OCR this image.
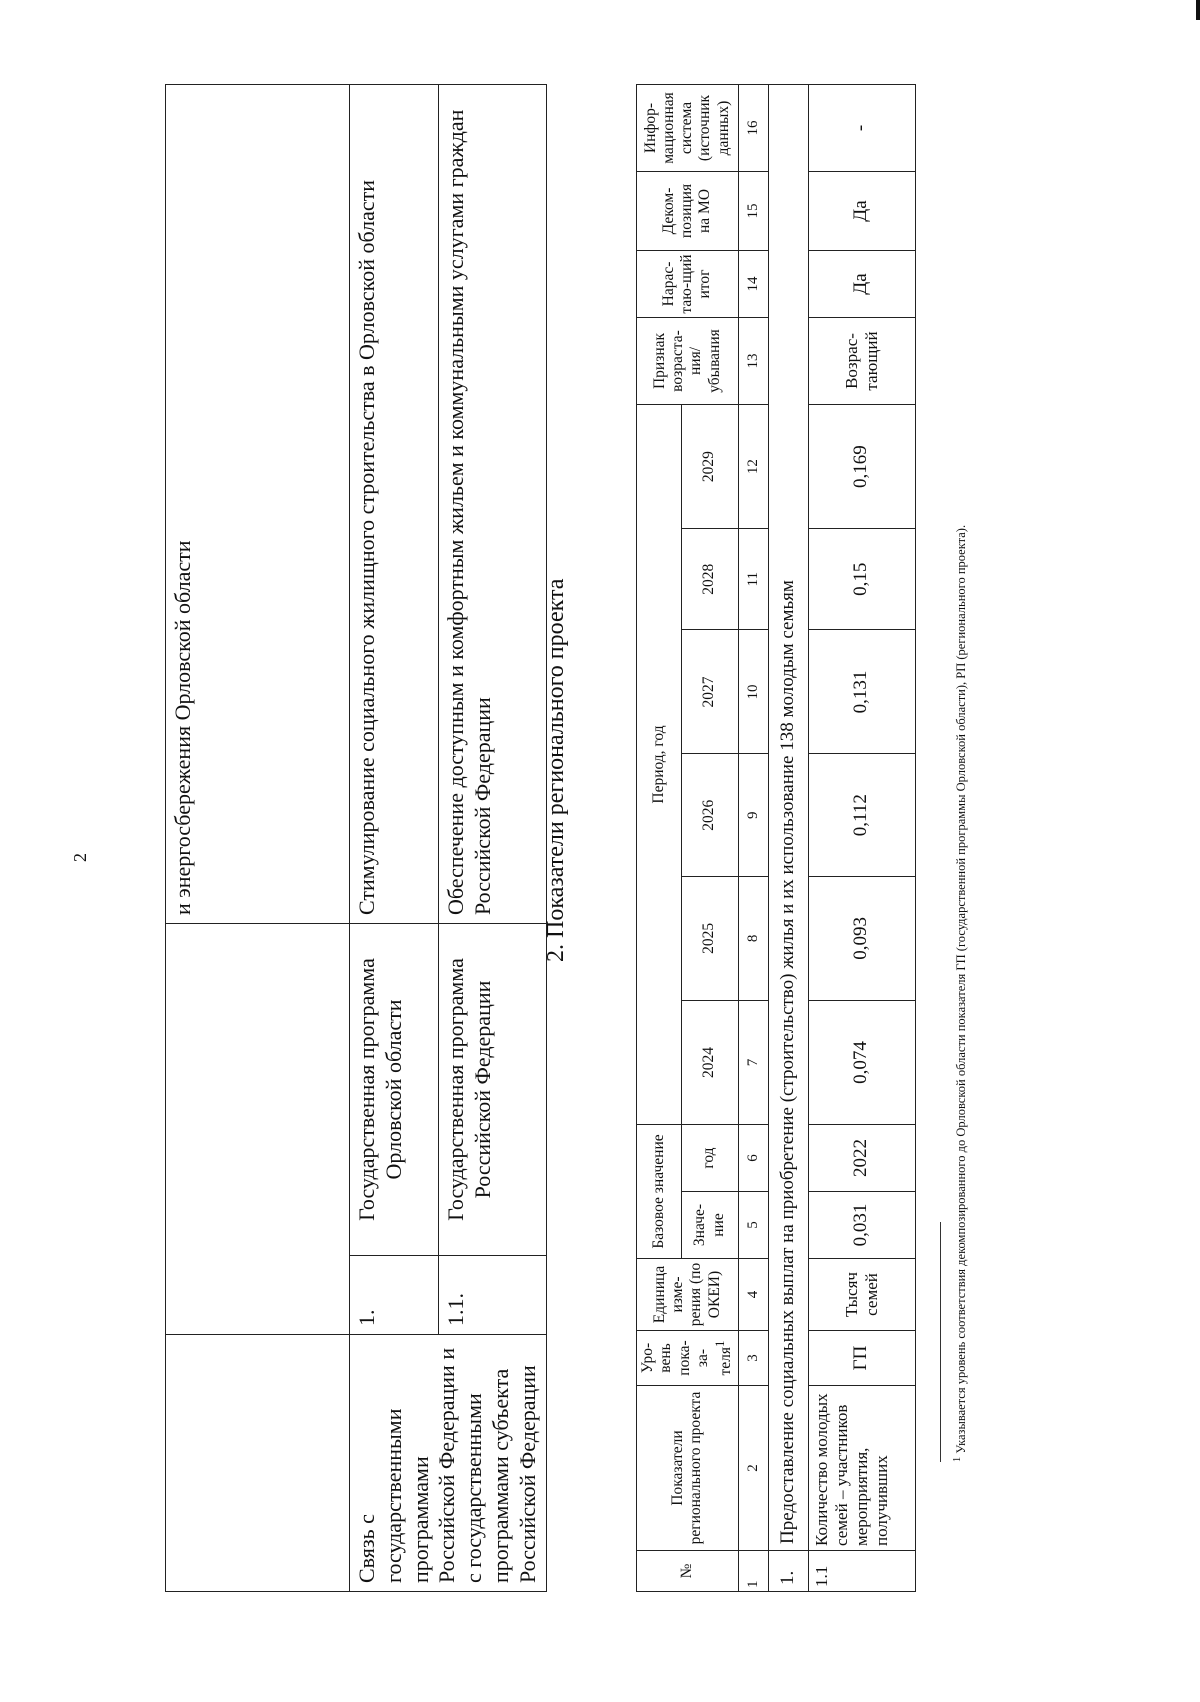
2
			и энергосбережения Орловской области
Связь с государственными программами Российской Федерации и с государственными программами субъекта Российской Федерации	1.	Государственная программа Орловской области	Стимулирование социального жилищного строительства в Орловской области
	1.1.	Государственная программа Российской Федерации	Обеспечение доступным и комфортным жильем и коммунальными услугами граждан Российской Федерации 2. Показатели регионального проекта
№	Показатели регионального проекта	Уро-вень пока-за-теля$^1$	Единица изме-рения (по ОКЕИ)	Базовое значение		Период, год						Признак возраста-ния/ убывания	Нарас-таю-щий итог	Деком-позиция на МО	Инфор-мационная система (источник данных)
				Значе-ние	год	2024	2025	2026	2027	2028	2029				
1	2	3	4	5	6	7	8	9	10	11	12	13	14	15	16
1.	Предоставление социальных выплат на приобретение (строительство) жилья и их использование 138 молодым семьям														
1.1	Количество молодых семей – участников мероприятия, получивших	ГП	Тысяч семей	0,031	2022	0,074	0,093	0,112	0,131	0,15	0,169	Возрас-тающий	Да	Да	-
$^1$ Указывается уровень соответствия декомпозированного до Орловской области показателя ГП (государственной программы Орловской области), РП (регионального проекта).
